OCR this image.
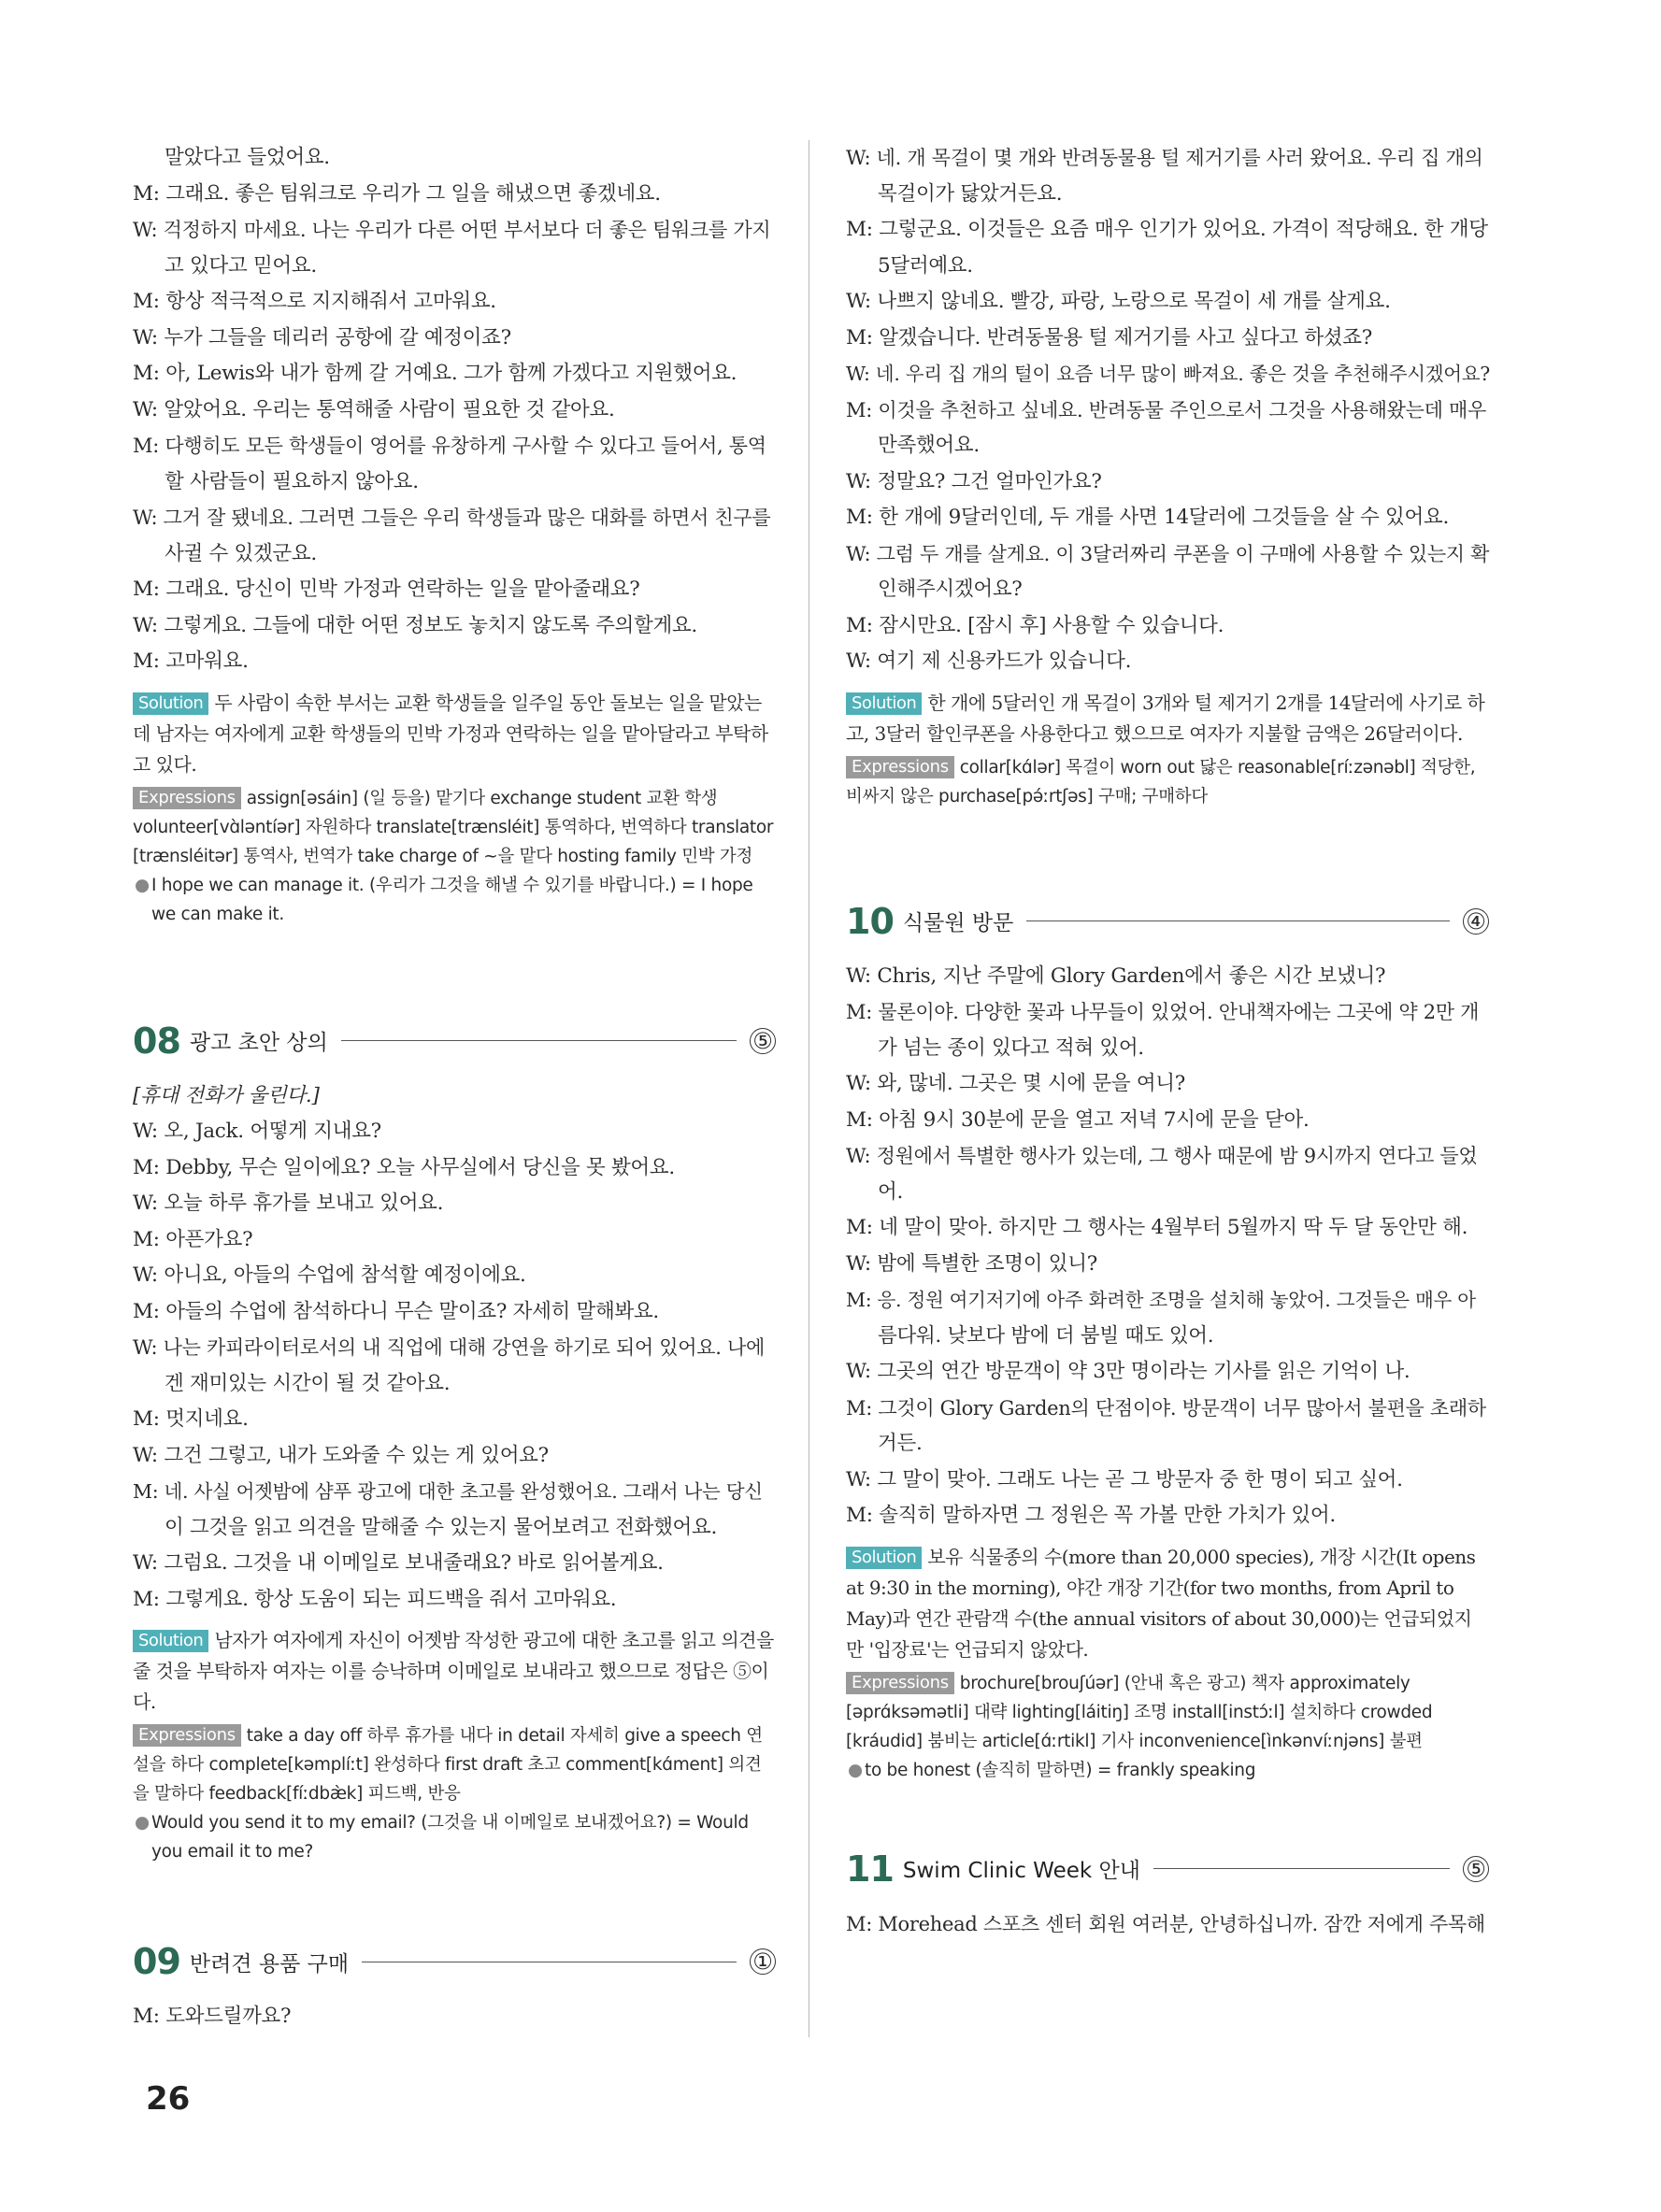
말았다고 들었어요.
M: 그래요. 좋은 팀워크로 우리가 그 일을 해냈으면 좋겠네요.
W: 걱정하지 마세요. 나는 우리가 다른 어떤 부서보다 더 좋은 팀워크를 가지
고 있다고 믿어요.
M: 항상 적극적으로 지지해줘서 고마워요.
W: 누가 그들을 데리러 공항에 갈 예정이죠?
M: 아, Lewis와 내가 함께 갈 거예요. 그가 함께 가겠다고 지원했어요.
W: 알았어요. 우리는 통역해줄 사람이 필요한 것 같아요.
M: 다행히도 모든 학생들이 영어를 유창하게 구사할 수 있다고 들어서, 통역
할 사람들이 필요하지 않아요.
W: 그거 잘 됐네요. 그러면 그들은 우리 학생들과 많은 대화를 하면서 친구를
사귈 수 있겠군요.
M: 그래요. 당신이 민박 가정과 연락하는 일을 맡아줄래요?
W: 그렇게요. 그들에 대한 어떤 정보도 놓치지 않도록 주의할게요.
M: 고마워요.
Solution 두 사람이 속한 부서는 교환 학생들을 일주일 동안 돌보는 일을 맡았는데 남자는 여자에게 교환 학생들의 민박 가정과 연락하는 일을 맡아달라고 부탁하고 있다.
Expressions assign[əsáin] (일 등을) 맡기다 exchange student 교환 학생 volunteer[vɑ̀ləntíər] 자원하다 translate[trænsléit] 통역하다, 번역하다 translator [trænsléitər] 통역사, 번역가 take charge of ~을 맡다 hosting family 민박 가정
● I hope we can manage it. (우리가 그것을 해낼 수 있기를 바랍니다.) = I hope we can make it.
08 광고 초안 상의	⑤
[휴대 전화가 울린다.]
W: 오, Jack. 어떻게 지내요?
M: Debby, 무슨 일이에요? 오늘 사무실에서 당신을 못 봤어요.
W: 오늘 하루 휴가를 보내고 있어요.
M: 아픈가요?
W: 아니요, 아들의 수업에 참석할 예정이에요.
M: 아들의 수업에 참석하다니 무슨 말이죠? 자세히 말해봐요.
W: 나는 카피라이터로서의 내 직업에 대해 강연을 하기로 되어 있어요. 나에
겐 재미있는 시간이 될 것 같아요.
M: 멋지네요.
W: 그건 그렇고, 내가 도와줄 수 있는 게 있어요?
M: 네. 사실 어젯밤에 샴푸 광고에 대한 초고를 완성했어요. 그래서 나는 당신
이 그것을 읽고 의견을 말해줄 수 있는지 물어보려고 전화했어요.
W: 그럼요. 그것을 내 이메일로 보내줄래요? 바로 읽어볼게요.
M: 그렇게요. 항상 도움이 되는 피드백을 줘서 고마워요.
Solution 남자가 여자에게 자신이 어젯밤 작성한 광고에 대한 초고를 읽고 의견을 줄 것을 부탁하자 여자는 이를 승낙하며 이메일로 보내라고 했으므로 정답은 ⑤이다.
Expressions take a day off 하루 휴가를 내다 in detail 자세히 give a speech 연설을 하다 complete[kəmplíːt] 완성하다 first draft 초고 comment[kɑ́ment] 의견을 말하다 feedback[fíːdbæ̀k] 피드백, 반응
● Would you send it to my email? (그것을 내 이메일로 보내겠어요?) = Would you email it to me?
09 반려견 용품 구매	①
M: 도와드릴까요?
W: 네. 개 목걸이 몇 개와 반려동물용 털 제거기를 사러 왔어요. 우리 집 개의
목걸이가 닳았거든요.
M: 그렇군요. 이것들은 요즘 매우 인기가 있어요. 가격이 적당해요. 한 개당
5달러예요.
W: 나쁘지 않네요. 빨강, 파랑, 노랑으로 목걸이 세 개를 살게요.
M: 알겠습니다. 반려동물용 털 제거기를 사고 싶다고 하셨죠?
W: 네. 우리 집 개의 털이 요즘 너무 많이 빠져요. 좋은 것을 추천해주시겠어요?
M: 이것을 추천하고 싶네요. 반려동물 주인으로서 그것을 사용해왔는데 매우
만족했어요.
W: 정말요? 그건 얼마인가요?
M: 한 개에 9달러인데, 두 개를 사면 14달러에 그것들을 살 수 있어요.
W: 그럼 두 개를 살게요. 이 3달러짜리 쿠폰을 이 구매에 사용할 수 있는지 확
인해주시겠어요?
M: 잠시만요. [잠시 후] 사용할 수 있습니다.
W: 여기 제 신용카드가 있습니다.
Solution 한 개에 5달러인 개 목걸이 3개와 털 제거기 2개를 14달러에 사기로 하고, 3달러 할인쿠폰을 사용한다고 했으므로 여자가 지불할 금액은 26달러이다.
Expressions collar[kɑ́lər] 목걸이 worn out 닳은 reasonable[ríːzənəbl] 적당한, 비싸지 않은 purchase[pə́ːrtʃəs] 구매; 구매하다
10 식물원 방문	④
W: Chris, 지난 주말에 Glory Garden에서 좋은 시간 보냈니?
M: 물론이야. 다양한 꽃과 나무들이 있었어. 안내책자에는 그곳에 약 2만 개
가 넘는 종이 있다고 적혀 있어.
W: 와, 많네. 그곳은 몇 시에 문을 여니?
M: 아침 9시 30분에 문을 열고 저녁 7시에 문을 닫아.
W: 정원에서 특별한 행사가 있는데, 그 행사 때문에 밤 9시까지 연다고 들었
어.
M: 네 말이 맞아. 하지만 그 행사는 4월부터 5월까지 딱 두 달 동안만 해.
W: 밤에 특별한 조명이 있니?
M: 응. 정원 여기저기에 아주 화려한 조명을 설치해 놓았어. 그것들은 매우 아
름다워. 낮보다 밤에 더 붐빌 때도 있어.
W: 그곳의 연간 방문객이 약 3만 명이라는 기사를 읽은 기억이 나.
M: 그것이 Glory Garden의 단점이야. 방문객이 너무 많아서 불편을 초래하
거든.
W: 그 말이 맞아. 그래도 나는 곧 그 방문자 중 한 명이 되고 싶어.
M: 솔직히 말하자면 그 정원은 꼭 가볼 만한 가치가 있어.
Solution 보유 식물종의 수(more than 20,000 species), 개장 시간(It opens at 9:30 in the morning), 야간 개장 기간(for two months, from April to May)과 연간 관람객 수(the annual visitors of about 30,000)는 언급되었지만 '입장료'는 언급되지 않았다.
Expressions brochure[brouʃúər] (안내 혹은 광고) 책자 approximately [əprɑ́ksəmətli] 대략 lighting[láitiŋ] 조명 install[instɔ́ːl] 설치하다 crowded [kráudid] 붐비는 article[ɑ́ːrtikl] 기사 inconvenience[ìnkənvíːnjəns] 불편
● to be honest (솔직히 말하면) = frankly speaking
11 Swim Clinic Week 안내	⑤
M: Morehead 스포츠 센터 회원 여러분, 안녕하십니까. 잠깐 저에게 주목해
26
